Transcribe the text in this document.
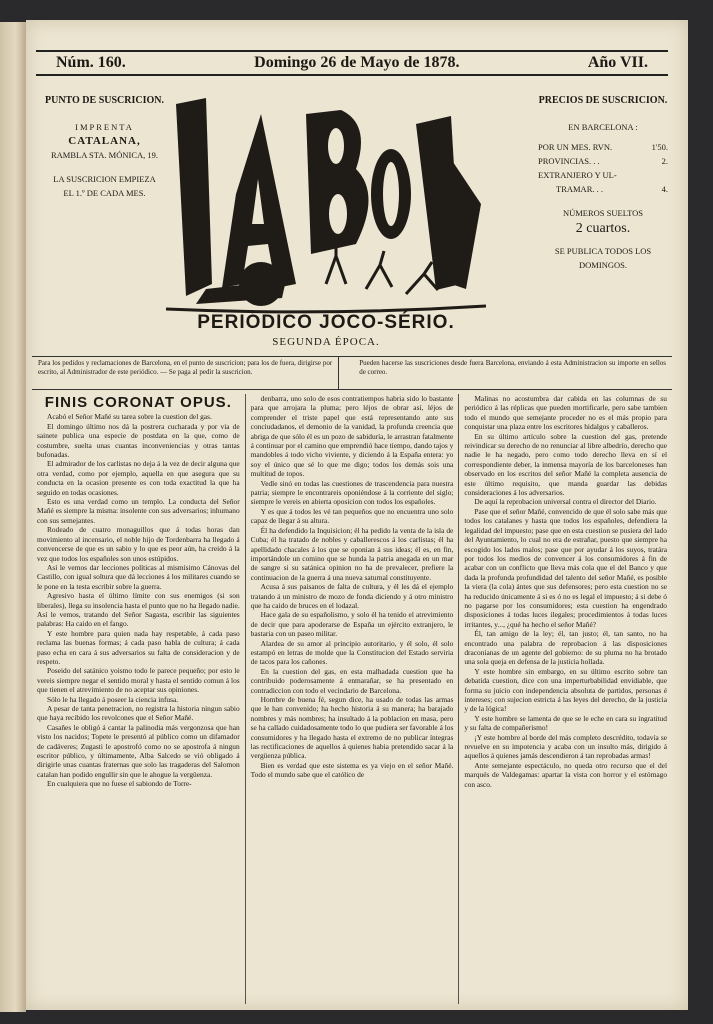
Núm. 160.	Domingo 26 de Mayo de 1878.	Año VII.
PUNTO DE SUSCRICION.
IMPRENTA
CATALANA,
RAMBLA STA. MÓNICA, 19.
LA SUSCRICION EMPIEZA
EL 1.º DE CADA MES.
PRECIOS DE SUSCRICION.
EN BARCELONA :
POR UN MES. RVN.	1'50.
PROVINCIAS. . .	2.
EXTRANJERO Y UL-
TRAMAR. . .	4.
NÚMEROS SUELTOS
2 cuartos.
SE PUBLICA TODOS LOS
DOMINGOS.
PERIÓDICO JOCO-SÉRIO.
SEGUNDA ÉPOCA.
Para los pedidos y reclamaciones de Barcelona, en el punto de suscricion; para los de fuera, dirigirse por escrito, al Administrador de este periódico. — Se paga al pedir la suscricion.
Pueden hacerse las suscriciones desde fuera Barcelona, enviando á esta Administracion su importe en sellos de correo.
FINIS CORONAT OPUS.

Acabó el Señor Mañé su tarea sobre la cuestion del gas.

El domingo último nos dá la postrera cucharada y por via de sainete publica una especie de postdata en la que, como de costumbre, suelta unas cuantas inconveniencias y otras tantas bufonadas.

El admirador de los carlistas no deja á la vez de decir alguna que otra verdad, como por ejemplo, aquella en que asegura que su conducta en la ocasion presente es con toda exactitud la que ha seguido en todas ocasiones.

Esto es una verdad como un templo. La conducta del Señor Mañé es siempre la misma: insolente con sus adversarios; inhumano con sus semejantes.

Rodeado de cuatro monaguillos que á todas horas dan movimiento al incensario, el noble hijo de Tordenbarra ha llegado á convencerse de que es un sabio y lo que es peor aún, ha creido á la vez que todos los españoles son unos estúpidos.

Así le vemos dar lecciones políticas al mismísimo Cánovas del Castillo, con igual soltura que dá lecciones á los militares cuando se le pone en la testa escribir sobre la guerra.

Agresivo hasta el último límite con sus enemigos (si son liberales), llega su insolencia hasta el punto que no ha llegado nadie. Así le vemos, tratando del Señor Sagasta, escribir las siguientes palabras: Ha caido en el fango.

Y este hombre para quien nada hay respetable, á cada paso reclama las buenas formas; á cada paso habla de cultura; á cada paso echa en cara á sus adversarios su falta de consideracion y de respeto.

Poseido del satánico yoismo todo le parece pequeño; por esto le vereis siempre negar el sentido moral y hasta el sentido comun á los que tienen el atrevimiento de no aceptar sus opiniones.

Sólo le ha llegado á poseer la ciencia infusa.

A pesar de tanta penetracion, no registra la historia ningun sabio que haya recibido los revolcones que el Señor Mañé.

Casañes le obligó á cantar la palinodia más vergonzosa que han visto los nacidos; Topete le presentó al público como un difamador de cadáveres; Zugasti le apostrofó como no se apostrofa á ningun escritor público, y últimamente, Alba Salcedo se vió obligado á dirigirle unas cuantas fraternas que solo las tragaderas del Salomon catalan han podido engullir sin que le ahogue la vergüenza.

En cualquiera que no fuese el sabiondo de Torre-

denbarra, uno solo de esos contratiempos habria sido lo bastante para que arrojara la pluma; pero léjos de obrar así, léjos de comprender el triste papel que está representando ante sus conciudadanos, el demonio de la vanidad, la profunda creencia que abriga de que sólo él es un pozo de sabiduría, le arrastran fatalmente á continuar por el camino que emprendió hace tiempo, dando tajos y mandobles á todo vicho viviente, y diciendo á la España entera: yo soy el único que sé lo que me digo; todos los demás sois una multitud de topos.

Vedle sinó en todas las cuestiones de trascendencia para nuestra patria; siempre le encontrareis oponiéndose á la corriente del siglo; siempre le vereis en abierta oposicion con todos los españoles.

Y es que á todos les vé tan pequeños que no encuentra uno solo capaz de llegar á su altura.

Él ha defendido la Inquisicion; él ha pedido la venta de la isla de Cuba; él ha tratado de nobles y caballerescos á los carlistas; él ha apellidado chacales á los que se oponian á sus ideas; él es, en fin, importándole un comino que se hunda la patria anegada en un mar de sangre si su satánica opinion no ha de prevalecer, prefiere la continuacion de la guerra á una nueva saturnal constituyente.

Acusa á sus paisanos de falta de cultura, y él les dá el ejemplo tratando á un ministro de mozo de fonda diciendo y á otro ministro que ha caido de bruces en el lodazal.

Hace gala de su españolismo, y solo él ha tenido el atrevimiento de decir que para apoderarse de España un ejército extranjero, le bastaria con un paseo militar.

Alardea de su amor al principio autoritario, y él solo, él solo estampó en letras de molde que la Constitucion del Estado serviria de tacos para los cañones.

En la cuestion del gas, en esta malhadada cuestion que ha contribuido poderosamente á enmarañar, se ha presentado en contradiccion con todo el vecindario de Barcelona.

Hombre de buena fé, segun dice, ha usado de todas las armas que le han convenido; ha hecho historia á su manera; ha barajado nombres y más nombres; ha insultado á la poblacion en masa, pero se ha callado cuidadosamente todo lo que pudiera ser favorable á los consumidores y ha llegado hasta el extremo de no publicar íntegras las rectificaciones de aquellos á quienes habia pretendido sacar á la vergüenza pública.

Bien es verdad que este sistema es ya viejo en el señor Mañé. Todo el mundo sabe que el católico de

Malinas no acostumbra dar cabida en las columnas de su periódico á las réplicas que pueden mortificarle, pero sabe tambien todo el mundo que semejante proceder no es el más propio para conquistar una plaza entre los escritores hidalgos y caballeros.

En su último artículo sobre la cuestion del gas, pretende reivindicar su derecho de no renunciar al libre albedrío, derecho que nadie le ha negado, pero como todo derecho lleva en sí el correspondiente deber, la inmensa mayoría de los barceloneses han observado en los escritos del señor Mañé la completa ausencia de este último requisito, que manda guardar las debidas consideraciones á los adversarios.

De aquí la reprobacion universal contra el director del Diario.

Pase que el señor Mañé, convencido de que él solo sabe más que todos los catalanes y hasta que todos los españoles, defendiera la legalidad del impuesto; pase que en esta cuestion se pusiera del lado del Ayuntamiento, lo cual no era de estrañar, puesto que siempre ha escogido los lados malos; pase que por ayudar á los suyos, tratára por todos los medios de convencer á los consumidores á fin de acabar con un conflicto que lleva más cola que el del Banco y que dada la profunda profundidad del talento del señor Mañé, es posible la viera (la cola) ántes que sus defensores; pero esta cuestion no se ha reducido únicamente á si es ó no es legal el impuesto; á si debe ó no pagarse por los consumidores; esta cuestion ha engendrado disposiciones á todas luces ilegales; procedimientos á todas luces irritantes, y..., ¿qué ha hecho el señor Mañé?

Él, tan amigo de la ley; él, tan justo; él, tan santo, no ha encontrado una palabra de reprobacion á las disposiciones draconianas de un agente del gobierno: de su pluma no ha brotado una sola queja en defensa de la justicia hollada.

Y este hombre sin embargo, en su último escrito sobre tan debatida cuestion, dice con una imperturbabilidad envidiable, que forma su juicio con independencia absoluta de partidos, personas é intereses; con sujecion estricta á las leyes del derecho, de la justicia y de la lógica!

Y este hombre se lamenta de que se le eche en cara su ingratitud y su falta de compañerismo!

¡Y este hombre al borde del más completo descrédito, todavía se revuelve en su impotencia y acaba con un insulto más, dirigido á aquellos á quienes jamás descendieron á tan reprobadas armas!

Ante semejante espectáculo, no queda otro recurso que el del marqués de Valdegamas: apartar la vista con horror y el estómago con asco.
